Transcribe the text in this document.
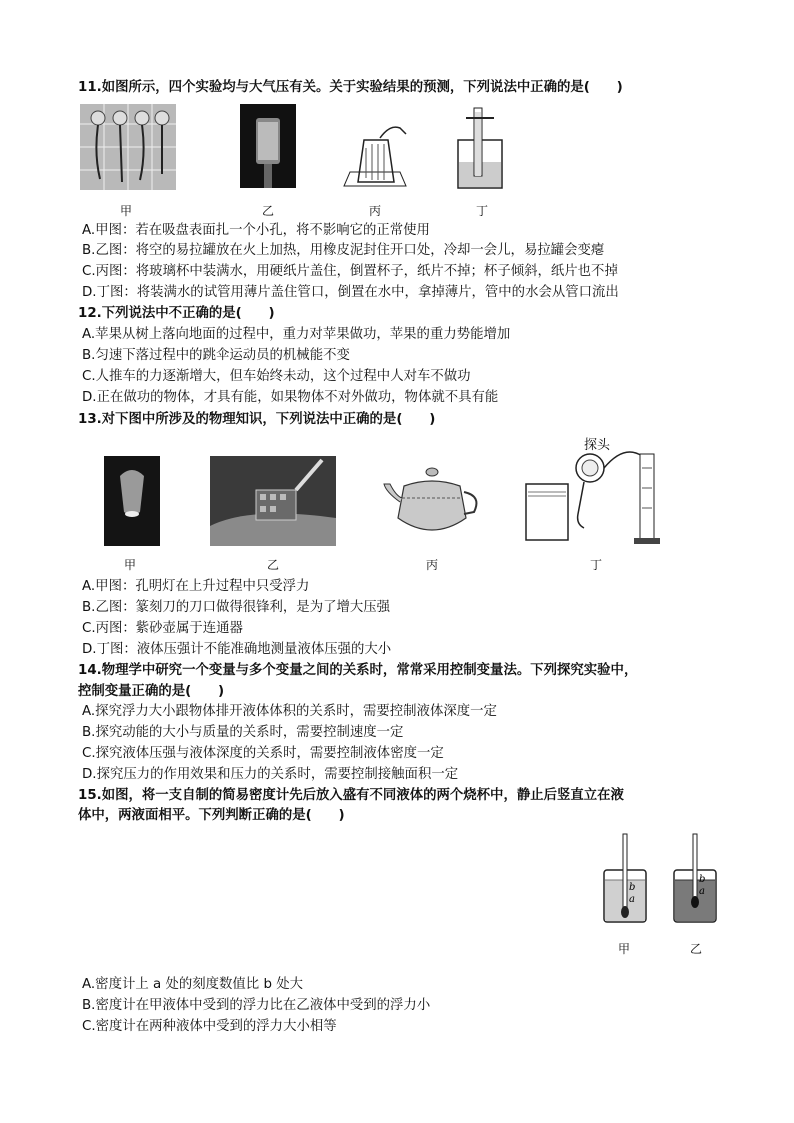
11.如图所示，四个实验均与大气压有关。关于实验结果的预测，下列说法中正确的是(　　)
甲	乙	丙	丁
A.甲图：若在吸盘表面扎一个小孔，将不影响它的正常使用
B.乙图：将空的易拉罐放在火上加热，用橡皮泥封住开口处，冷却一会儿，易拉罐会变瘪
C.丙图：将玻璃杯中装满水，用硬纸片盖住，倒置杯子，纸片不掉；杯子倾斜，纸片也不掉
D.丁图：将装满水的试管用薄片盖住管口，倒置在水中，拿掉薄片，管中的水会从管口流出
12.下列说法中不正确的是(　　)
A.苹果从树上落向地面的过程中，重力对苹果做功，苹果的重力势能增加
B.匀速下落过程中的跳伞运动员的机械能不变
C.人推车的力逐渐增大，但车始终未动，这个过程中人对车不做功
D.正在做功的物体，才具有能，如果物体不对外做功，物体就不具有能
13.对下图中所涉及的物理知识，下列说法中正确的是(　　)
甲	乙	丙
探头
丁
A.甲图：孔明灯在上升过程中只受浮力
B.乙图：篆刻刀的刀口做得很锋利，是为了增大压强
C.丙图：紫砂壶属于连通器
D.丁图：液体压强计不能准确地测量液体压强的大小
14.物理学中研究一个变量与多个变量之间的关系时，常常采用控制变量法。下列探究实验中，
控制变量正确的是(　　)
A.探究浮力大小跟物体排开液体体积的关系时，需要控制液体深度一定
B.探究动能的大小与质量的关系时，需要控制速度一定
C.探究液体压强与液体深度的关系时，需要控制液体密度一定
D.探究压力的作用效果和压力的关系时，需要控制接触面积一定
15.如图，将一支自制的简易密度计先后放入盛有不同液体的两个烧杯中，静止后竖直立在液
体中，两液面相平。下列判断正确的是(　　)
b
a
甲
b
a
乙
A.密度计上 a 处的刻度数值比 b 处大
B.密度计在甲液体中受到的浮力比在乙液体中受到的浮力小
C.密度计在两种液体中受到的浮力大小相等
